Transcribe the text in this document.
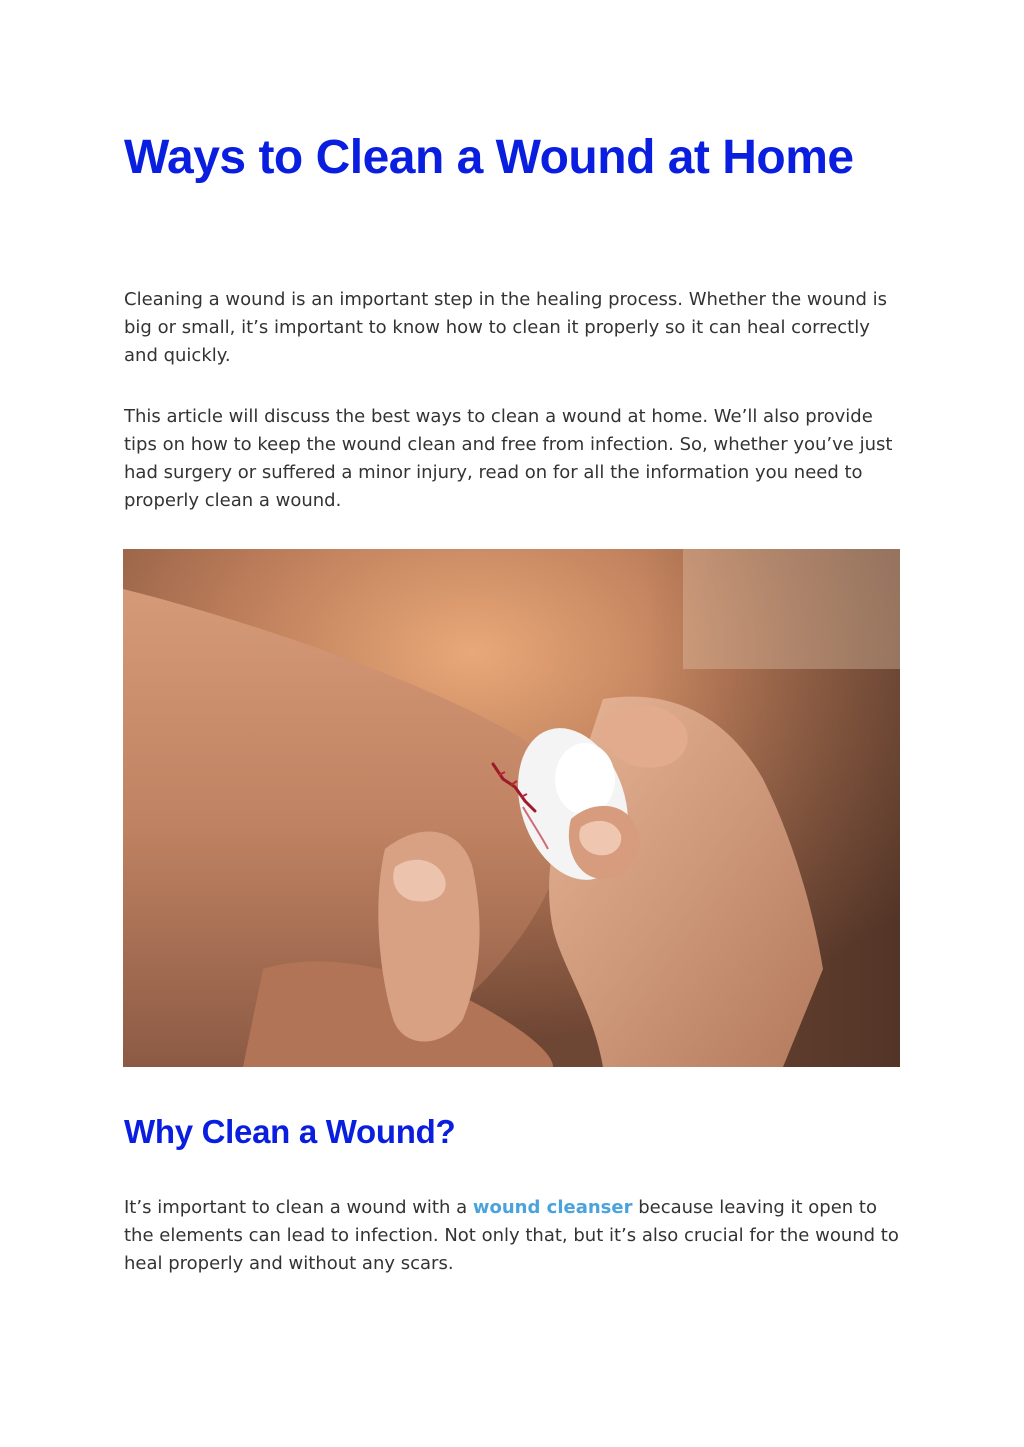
Ways to Clean a Wound at Home

Cleaning a wound is an important step in the healing process. Whether the wound is big or small, it’s important to know how to clean it properly so it can heal correctly and quickly.

This article will discuss the best ways to clean a wound at home. We’ll also provide tips on how to keep the wound clean and free from infection. So, whether you’ve just had surgery or suffered a minor injury, read on for all the information you need to properly clean a wound.

Why Clean a Wound?

It’s important to clean a wound with a wound cleanser because leaving it open to the elements can lead to infection. Not only that, but it’s also crucial for the wound to heal properly and without any scars.
